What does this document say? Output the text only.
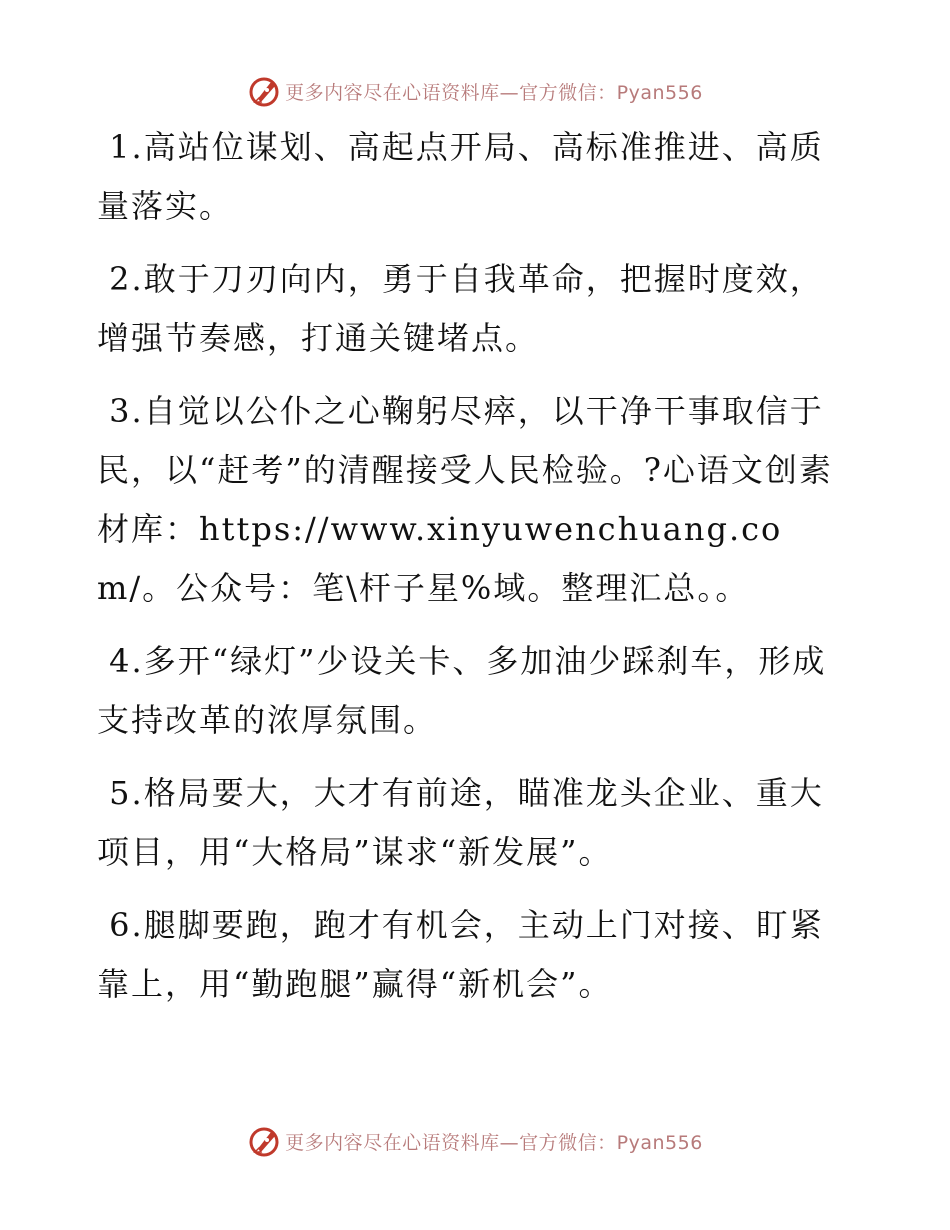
更多内容尽在心语资料库—官方微信：Pyan556

1.高站位谋划、高起点开局、高标准推进、高质量落实。

2.敢于刀刃向内，勇于自我革命，把握时度效，增强节奏感，打通关键堵点。

3.自觉以公仆之心鞠躬尽瘁，以干净干事取信于民，以“赶考”的清醒接受人民检验。?心语文创素材库：https://www.xinyuwenchuang.com/。公众号：笔\杆子星%域。整理汇总。。

4.多开“绿灯”少设关卡、多加油少踩刹车，形成支持改革的浓厚氛围。

5.格局要大，大才有前途，瞄准龙头企业、重大项目，用“大格局”谋求“新发展”。

6.腿脚要跑，跑才有机会，主动上门对接、盯紧靠上，用“勤跑腿”赢得“新机会”。

更多内容尽在心语资料库—官方微信：Pyan556
